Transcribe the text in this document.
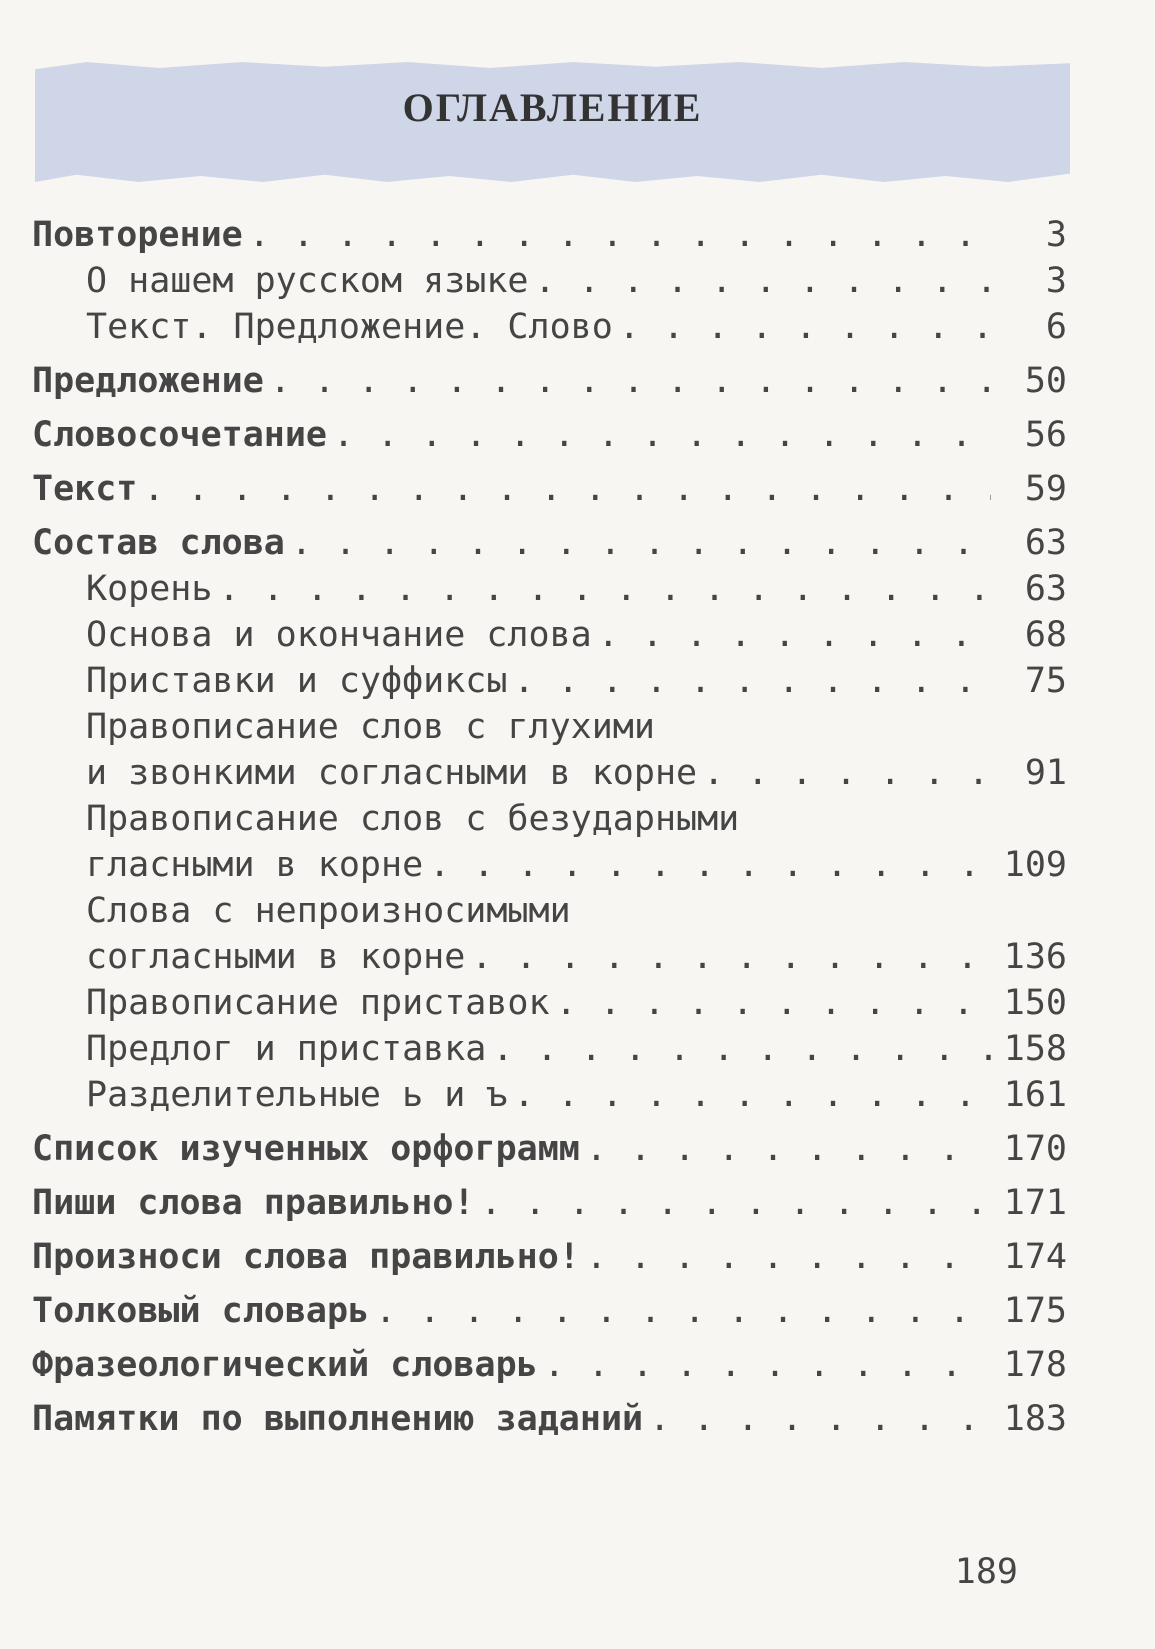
ОГЛАВЛЕНИЕ
Повторение . . .	3
О нашем русском языке . . .	3
Текст. Предложение. Слово . . .	6
Предложение . . .	50
Словосочетание . . .	56
Текст . . .	59
Состав слова . . .	63
Корень . . .	63
Основа и окончание слова . . .	68
Приставки и суффиксы . . .	75
Правописание слов с глухими
и звонкими согласными в корне . . .	91
Правописание слов с безударными
гласными в корне . . .	109
Слова с непроизносимыми
согласными в корне . . .	136
Правописание приставок . . .	150
Предлог и приставка . . .	158
Разделительные ь и ъ . . .	161
Список изученных орфограмм . . .	170
Пиши слова правильно! . . .	171
Произноси слова правильно! . . .	174
Толковый словарь . . .	175
Фразеологический словарь . . .	178
Памятки по выполнению заданий . . .	183
189
